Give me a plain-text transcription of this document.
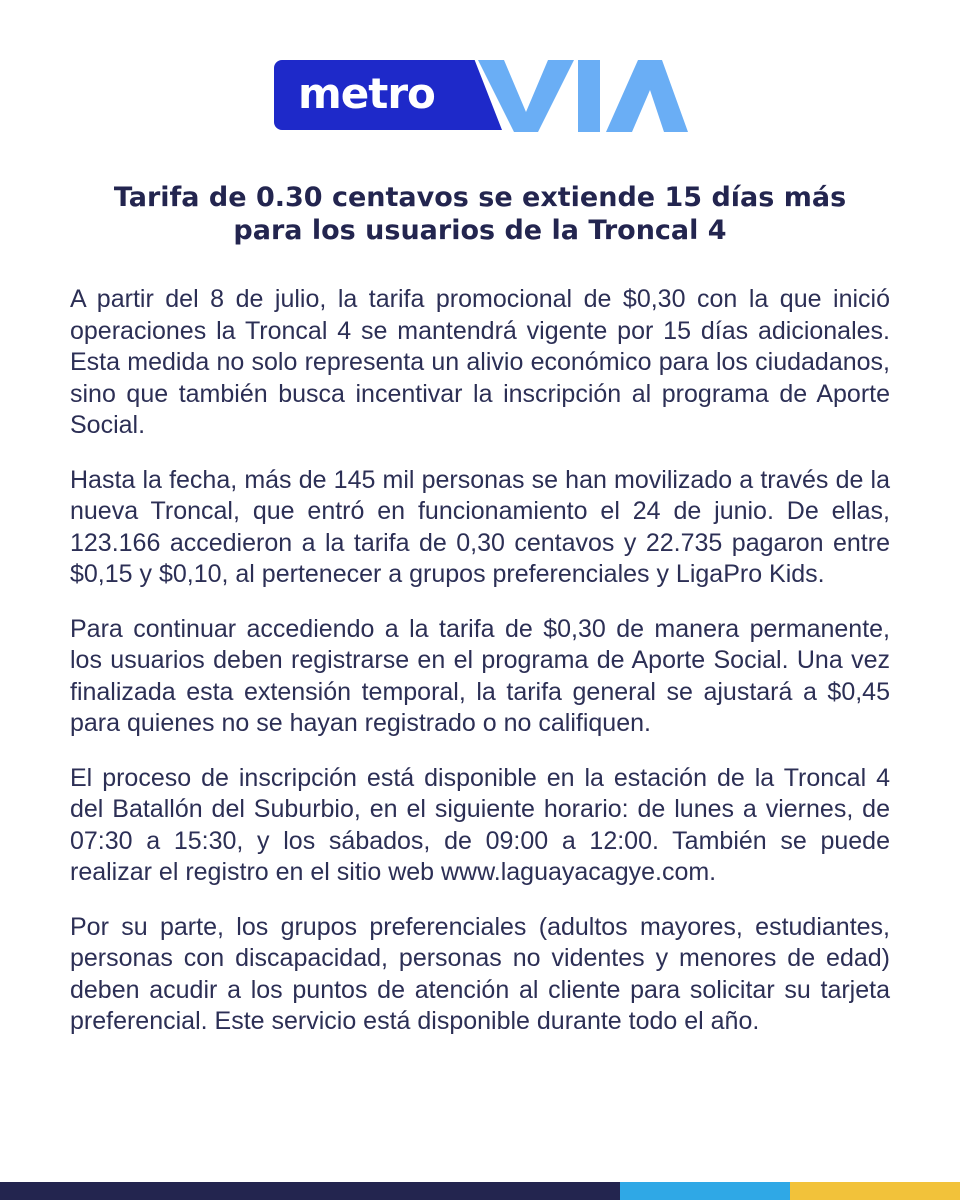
metro
Tarifa de 0.30 centavos se extiende 15 días más
para los usuarios de la Troncal 4

A partir del 8 de julio, la tarifa promocional de $0,30 con la que inició operaciones la Troncal 4 se mantendrá vigente por 15 días adicionales. Esta medida no solo representa un alivio económico para los ciudadanos, sino que también busca incentivar la inscripción al programa de Aporte Social.

Hasta la fecha, más de 145 mil personas se han movilizado a través de la nueva Troncal, que entró en funcionamiento el 24 de junio. De ellas, 123.166 accedieron a la tarifa de 0,30 centavos y 22.735 pagaron entre $0,15 y $0,10, al pertenecer a grupos preferenciales y LigaPro Kids.

Para continuar accediendo a la tarifa de $0,30 de manera permanente, los usuarios deben registrarse en el programa de Aporte Social. Una vez finalizada esta extensión temporal, la tarifa general se ajustará a $0,45 para quienes no se hayan registrado o no califiquen.

El proceso de inscripción está disponible en la estación de la Troncal 4 del Batallón del Suburbio, en el siguiente horario: de lunes a viernes, de 07:30 a 15:30, y los sábados, de 09:00 a 12:00. También se puede realizar el registro en el sitio web www.laguayacagye.com.

Por su parte, los grupos preferenciales (adultos mayores, estudiantes, personas con discapacidad, personas no videntes y menores de edad) deben acudir a los puntos de atención al cliente para solicitar su tarjeta preferencial. Este servicio está disponible durante todo el año.
